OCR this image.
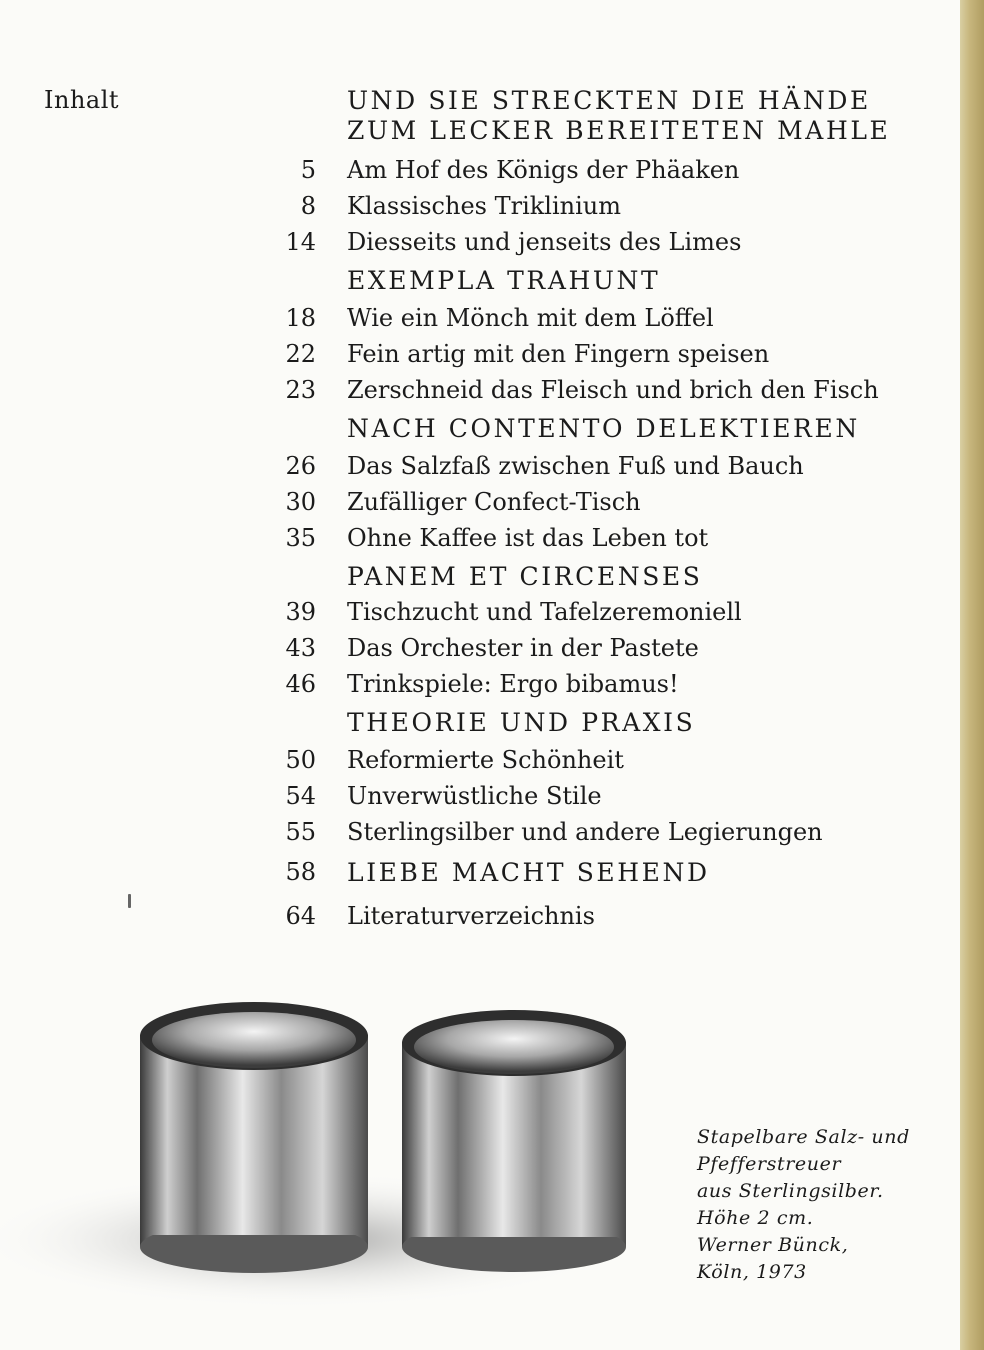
Inhalt	UND SIE STRECKTEN DIE HÄNDE
ZUM LECKER BEREITETEN MAHLE
5 Am Hof des Königs der Phäaken
8 Klassisches Triklinium
14 Diesseits und jenseits des Limes
EXEMPLA TRAHUNT
18 Wie ein Mönch mit dem Löffel
22 Fein artig mit den Fingern speisen
23 Zerschneid das Fleisch und brich den Fisch
NACH CONTENTO DELEKTIEREN
26 Das Salzfaß zwischen Fuß und Bauch
30 Zufälliger Confect-Tisch
35 Ohne Kaffee ist das Leben tot
PANEM ET CIRCENSES
39 Tischzucht und Tafelzeremoniell
43 Das Orchester in der Pastete
46 Trinkspiele: Ergo bibamus!
THEORIE UND PRAXIS
50 Reformierte Schönheit
54 Unverwüstliche Stile
55 Sterlingsilber und andere Legierungen
58 LIEBE MACHT SEHEND
64 Literaturverzeichnis
Stapelbare Salz- und
Pfefferstreuer
aus Sterlingsilber.
Höhe 2 cm.
Werner Bünck,
Köln, 1973
